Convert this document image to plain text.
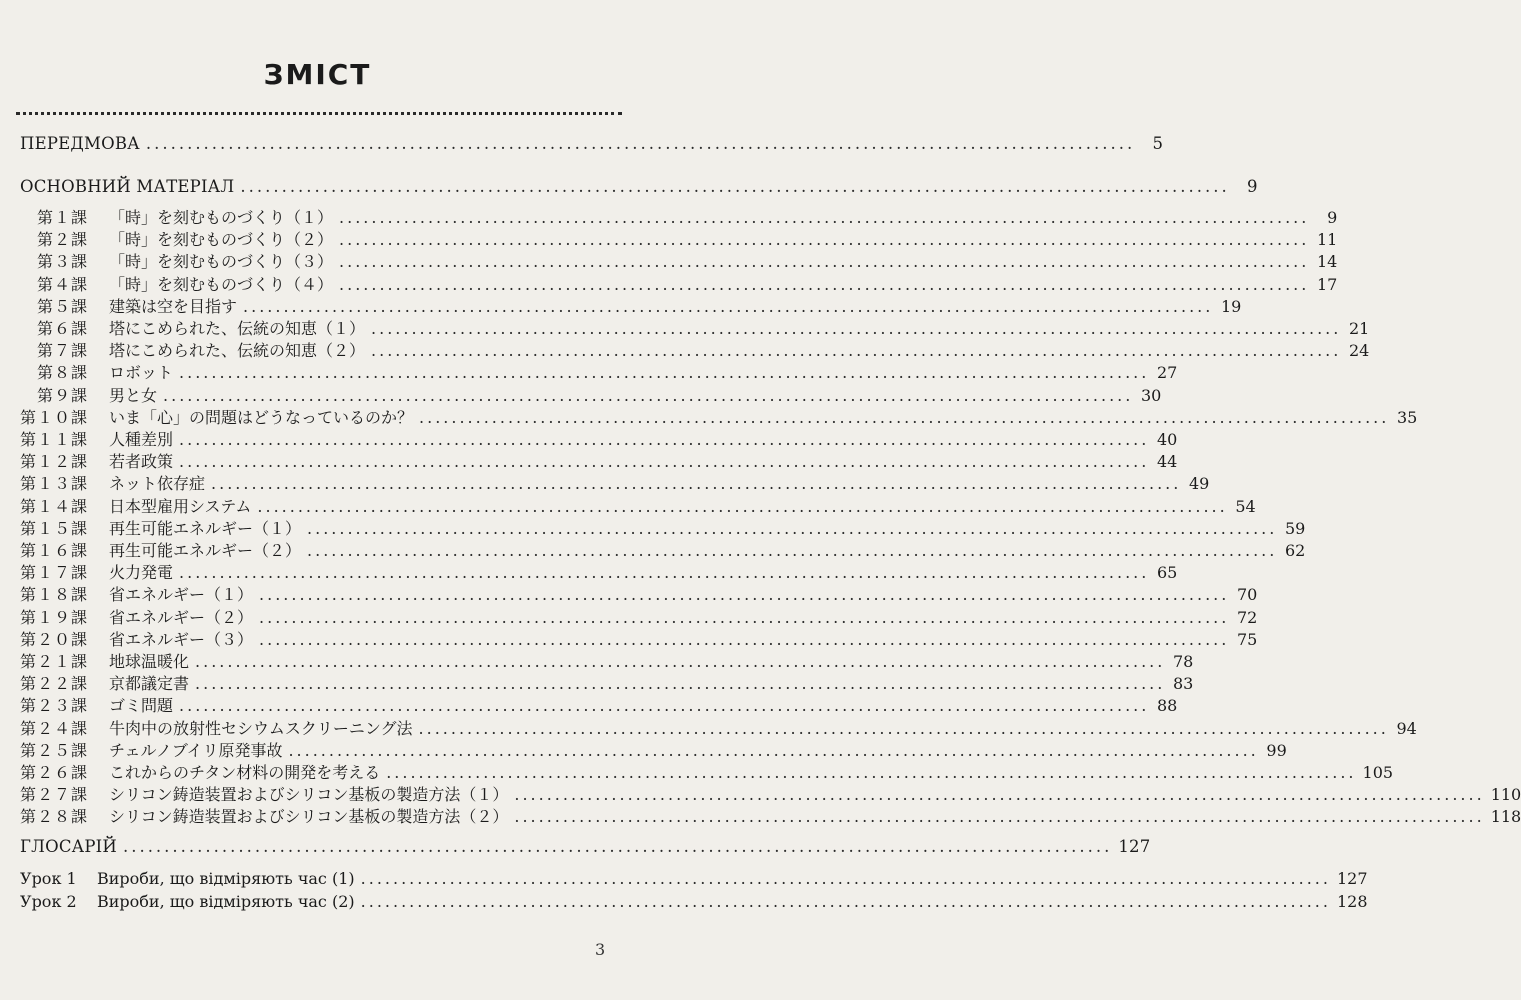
ЗМІСТ
ПЕРЕДМОВА ........................................................................................................................	5
ОСНОВНИЙ МАТЕРІАЛ ........................................................................................................................	9
第１課	「時」を刻むものづくり（１） ........................................................................................................................	9
第２課	「時」を刻むものづくり（２） ........................................................................................................................ 11
第３課	「時」を刻むものづくり（３） ........................................................................................................................ 14
第４課	「時」を刻むものづくり（４） ........................................................................................................................ 17
第５課	建築は空を目指す ........................................................................................................................ 19
第６課	塔にこめられた、伝統の知恵（１） ........................................................................................................................ 21
第７課	塔にこめられた、伝統の知恵（２） ........................................................................................................................ 24
第８課	ロボット ........................................................................................................................ 27
第９課	男と女 ........................................................................................................................ 30
第１０課	いま「心」の問題はどうなっているのか？ ........................................................................................................................ 35
第１１課	人種差別 ........................................................................................................................ 40
第１２課	若者政策 ........................................................................................................................ 44
第１３課	ネット依存症 ........................................................................................................................ 49
第１４課	日本型雇用システム ........................................................................................................................ 54
第１５課	再生可能エネルギー（１） ........................................................................................................................ 59
第１６課	再生可能エネルギー（２） ........................................................................................................................ 62
第１７課	火力発電 ........................................................................................................................ 65
第１８課	省エネルギー（１） ........................................................................................................................ 70
第１９課	省エネルギー（２） ........................................................................................................................ 72
第２０課	省エネルギー（３） ........................................................................................................................ 75
第２１課	地球温暖化 ........................................................................................................................ 78
第２２課	京都議定書 ........................................................................................................................ 83
第２３課	ゴミ問題 ........................................................................................................................ 88
第２４課	牛肉中の放射性セシウムスクリーニング法 ........................................................................................................................ 94
第２５課	チェルノブイリ原発事故 ........................................................................................................................ 99
第２６課	これからのチタン材料の開発を考える ........................................................................................................................ 105
第２７課	シリコン鋳造装置およびシリコン基板の製造方法（１） ........................................................................................................................ 110
第２８課	シリコン鋳造装置およびシリコン基板の製造方法（２） ........................................................................................................................ 118
ГЛОСАРІЙ ........................................................................................................................ 127
Урок 1	Вироби, що відміряють час (1) ........................................................................................................................ 127
Урок 2	Вироби, що відміряють час (2) ........................................................................................................................ 128
3
